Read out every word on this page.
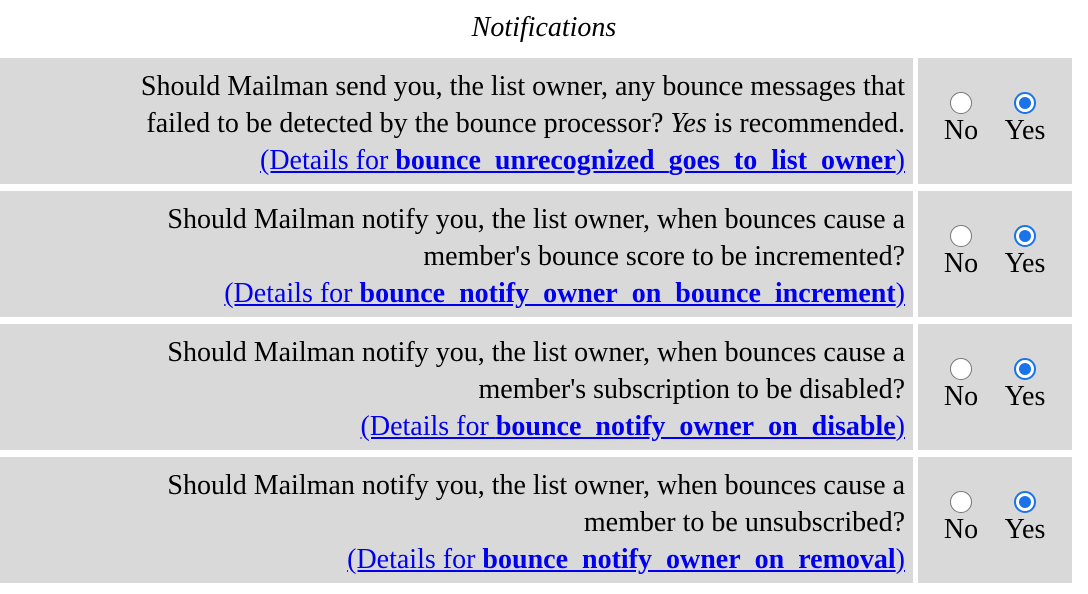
Notifications
Should Mailman send you, the list owner, any bounce messages that
failed to be detected by the bounce processor? Yes is recommended.
(Details for bounce_unrecognized_goes_to_list_owner)
No Yes
Should Mailman notify you, the list owner, when bounces cause a
member's bounce score to be incremented?
(Details for bounce_notify_owner_on_bounce_increment)
No Yes
Should Mailman notify you, the list owner, when bounces cause a
member's subscription to be disabled?
(Details for bounce_notify_owner_on_disable)
No Yes
Should Mailman notify you, the list owner, when bounces cause a
member to be unsubscribed?
(Details for bounce_notify_owner_on_removal)
No Yes
